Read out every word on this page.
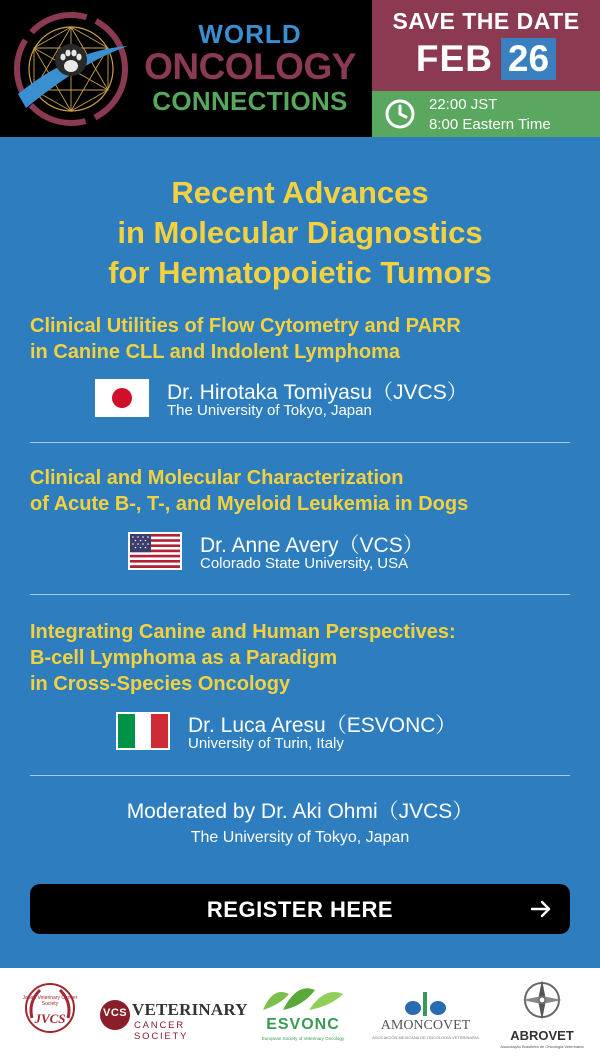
WORLD
ONCOLOGY
CONNECTIONS
SAVE THE DATE
FEB 26
22:00 JST
8:00 Eastern Time
Recent Advances
in Molecular Diagnostics
for Hematopoietic Tumors
Clinical Utilities of Flow Cytometry and PARR
in Canine CLL and Indolent Lymphoma
Dr. Hirotaka Tomiyasu（JVCS）
The University of Tokyo, Japan
Clinical and Molecular Characterization
of Acute B-, T-, and Myeloid Leukemia in Dogs
Dr. Anne Avery（VCS）
Colorado State University, USA
Integrating Canine and Human Perspectives:
B-cell Lymphoma as a Paradigm
in Cross-Species Oncology
Dr. Luca Aresu（ESVONC）
University of Turin, Italy
Moderated by Dr. Aki Ohmi（JVCS）
The University of Tokyo, Japan
REGISTER HERE
Japan Veterinary Cancer Society
JVCS	VCS VETERINARY
CANCER SOCIETY
ESVONC
European Society of Veterinary Oncology
AMONCOVET
ASOCIACIÓN MEXICANA DE ONCOLOGÍA VETERINARIA	ABROVET
Associação Brasileira de Oncologia Veterinária
